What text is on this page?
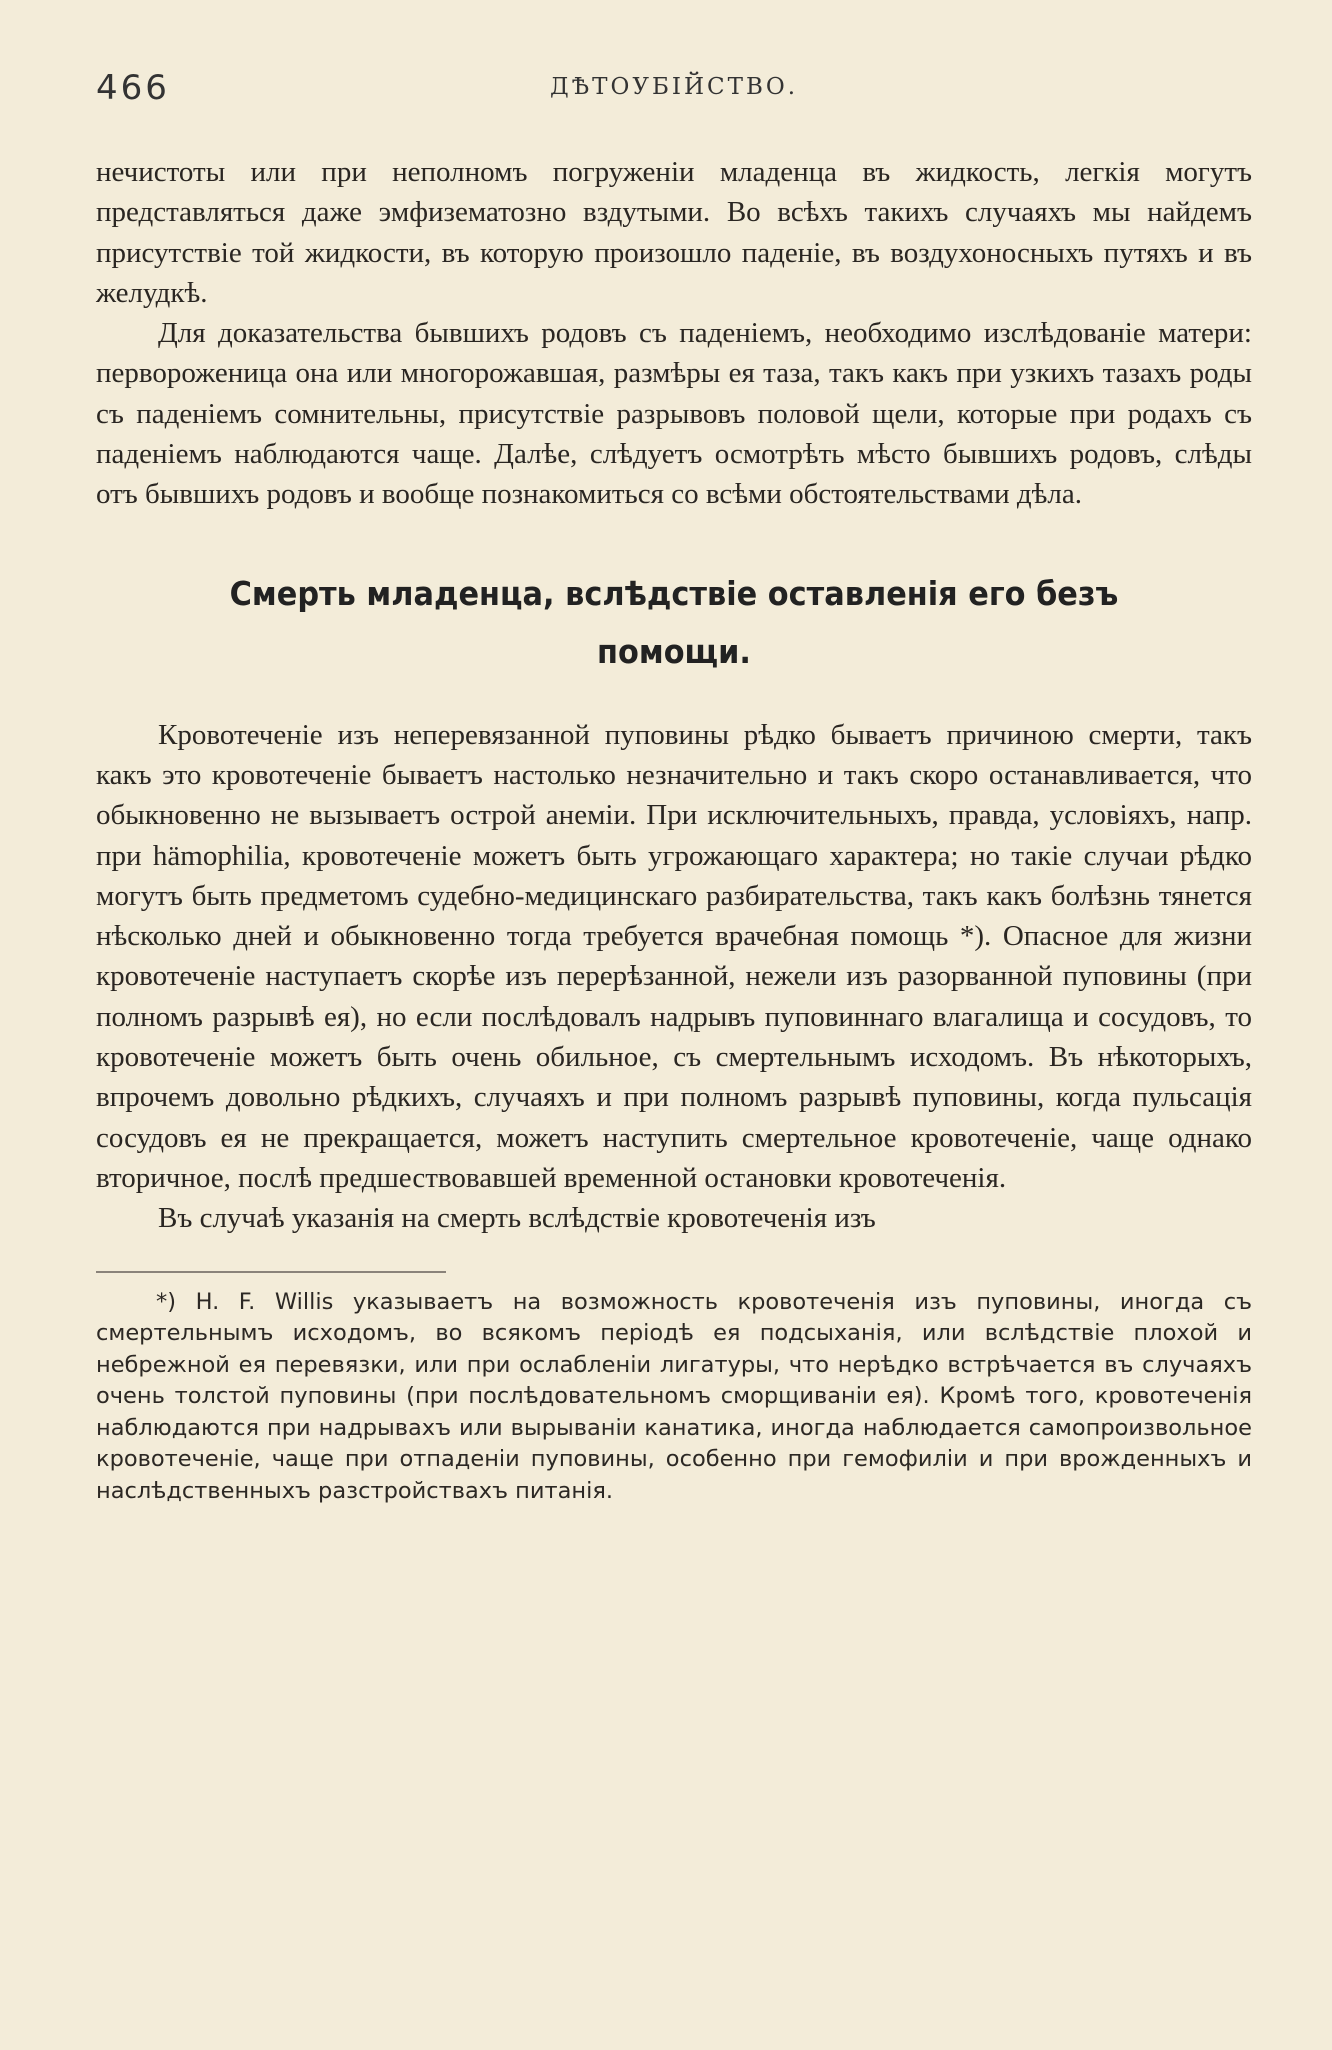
466	ДѢТОУБІЙСТВО.

нечистоты или при неполномъ погруженіи младенца въ жидкость, легкія могутъ представляться даже эмфизематозно вздутыми. Во всѣхъ такихъ случаяхъ мы найдемъ присутствіе той жидкости, въ которую произошло паденіе, въ воздухоносныхъ путяхъ и въ желудкѣ.

Для доказательства бывшихъ родовъ съ паденіемъ, необходимо изслѣдованіе матери: первороженица она или многорожавшая, размѣры ея таза, такъ какъ при узкихъ тазахъ роды съ паденіемъ сомнительны, присутствіе разрывовъ половой щели, которые при родахъ съ паденіемъ наблюдаются чаще. Далѣе, слѣдуетъ осмотрѣть мѣсто бывшихъ родовъ, слѣды отъ бывшихъ родовъ и вообще познакомиться со всѣми обстоятельствами дѣла.

Смерть младенца, вслѣдствіе оставленія его безъ помощи.

Кровотеченіе изъ неперевязанной пуповины рѣдко бываетъ причиною смерти, такъ какъ это кровотеченіе бываетъ настолько незначительно и такъ скоро останавливается, что обыкновенно не вызываетъ острой анеміи. При исключительныхъ, правда, условіяхъ, напр. при hämophilia, кровотеченіе можетъ быть угрожающаго характера; но такіе случаи рѣдко могутъ быть предметомъ судебно-медицинскаго разбирательства, такъ какъ болѣзнь тянется нѣсколько дней и обыкновенно тогда требуется врачебная помощь *). Опасное для жизни кровотеченіе наступаетъ скорѣе изъ перерѣзанной, нежели изъ разорванной пуповины (при полномъ разрывѣ ея), но если послѣдовалъ надрывъ пуповиннаго влагалища и сосудовъ, то кровотеченіе можетъ быть очень обильное, съ смертельнымъ исходомъ. Въ нѣкоторыхъ, впрочемъ довольно рѣдкихъ, случаяхъ и при полномъ разрывѣ пуповины, когда пульсація сосудовъ ея не прекращается, можетъ наступить смертельное кровотеченіе, чаще однако вторичное, послѣ предшествовавшей временной остановки кровотеченія.

Въ случаѣ указанія на смерть вслѣдствіе кровотеченія изъ

*) H. F. Willis указываетъ на возможность кровотеченія изъ пуповины, иногда съ смертельнымъ исходомъ, во всякомъ періодѣ ея подсыханія, или вслѣдствіе плохой и небрежной ея перевязки, или при ослабленіи лигатуры, что нерѣдко встрѣчается въ случаяхъ очень толстой пуповины (при послѣдовательномъ сморщиваніи ея). Кромѣ того, кровотеченія наблюдаются при надрывахъ или вырываніи канатика, иногда наблюдается самопроизвольное кровотеченіе, чаще при отпаденіи пуповины, особенно при гемофиліи и при врожденныхъ и наслѣдственныхъ разстройствахъ питанія.
